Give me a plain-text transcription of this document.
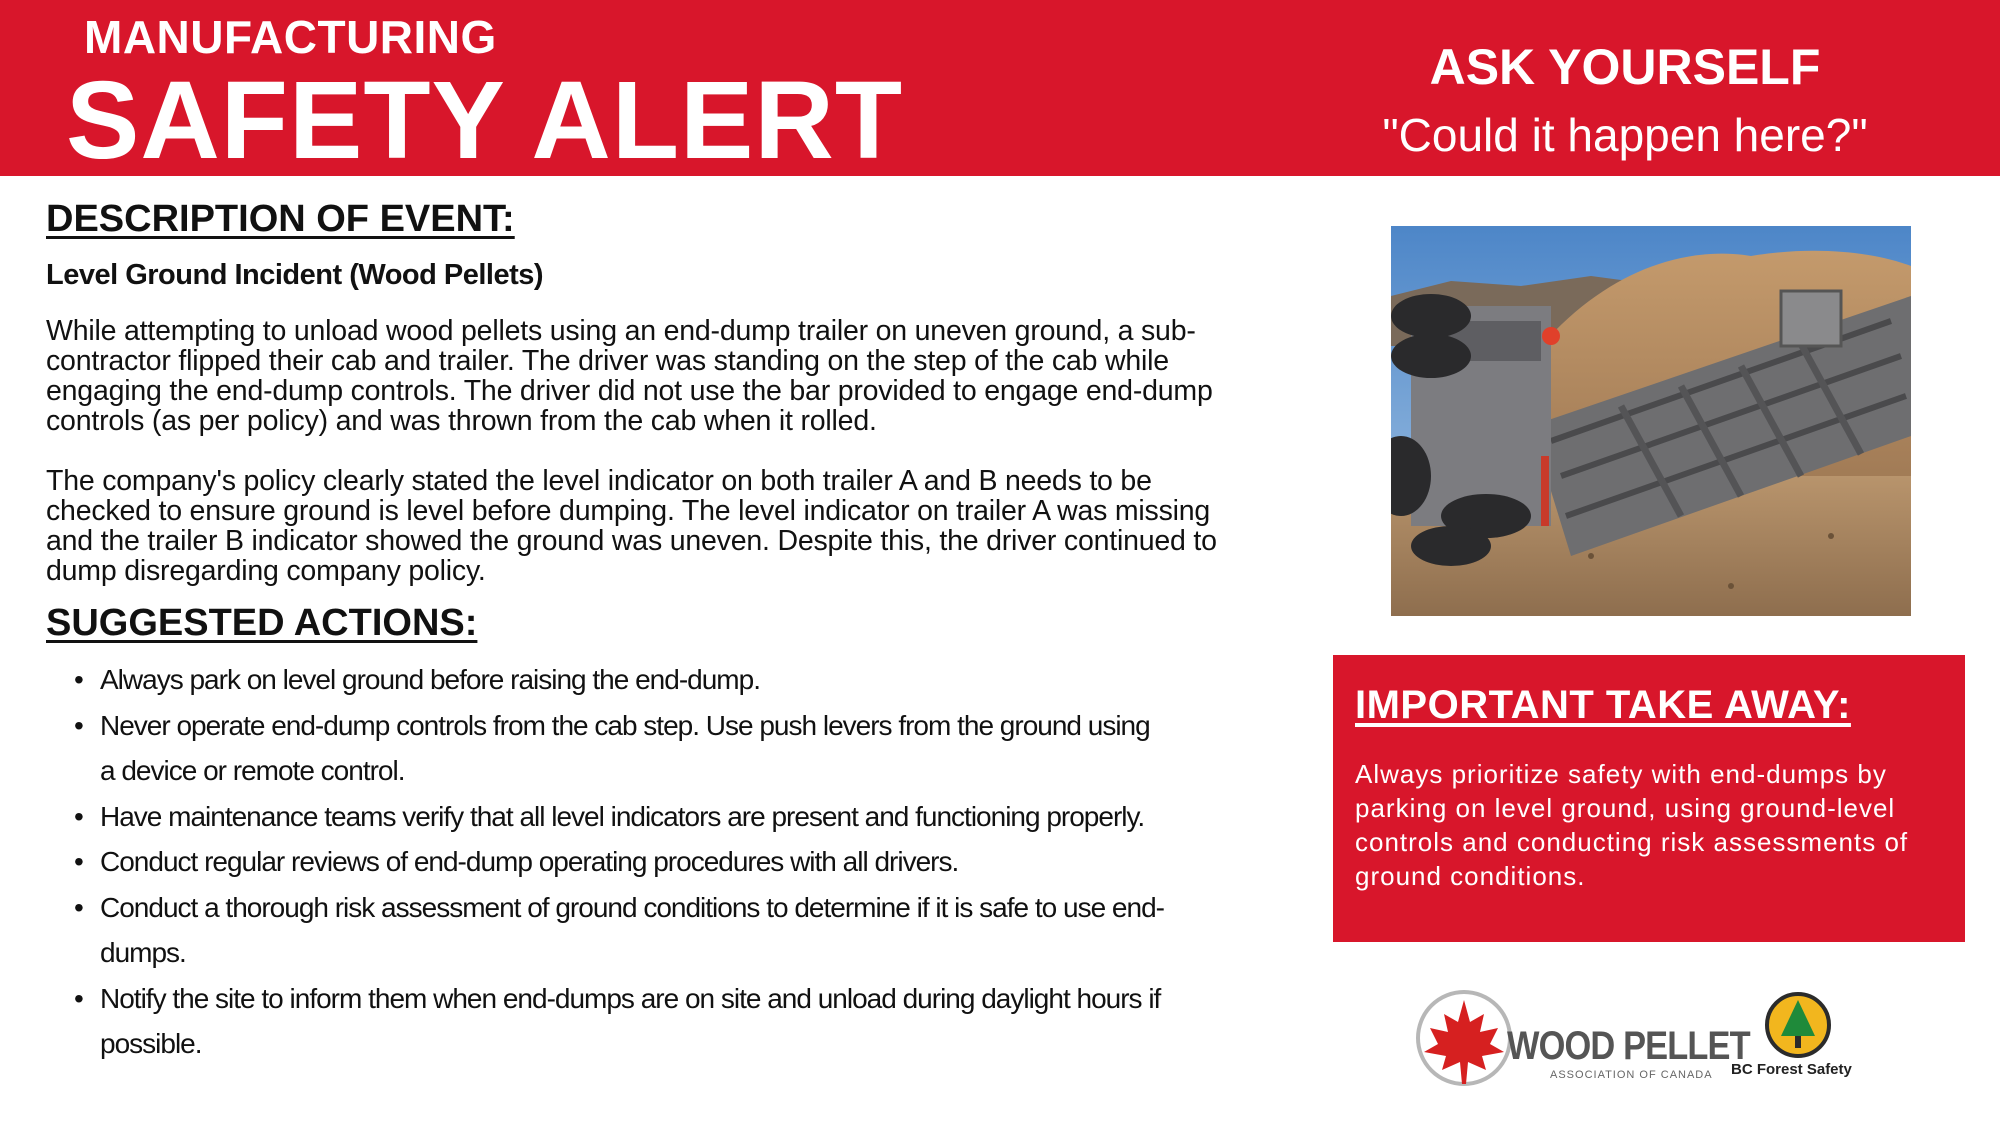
MANUFACTURING
SAFETY ALERT	ASK YOURSELF
"Could it happen here?"
DESCRIPTION OF EVENT:
Level Ground Incident (Wood Pellets)

While attempting to unload wood pellets using an end-dump trailer on uneven ground, a sub-contractor flipped their cab and trailer. The driver was standing on the step of the cab while engaging the end-dump controls. The driver did not use the bar provided to engage end-dump controls (as per policy) and was thrown from the cab when it rolled.

The company's policy clearly stated the level indicator on both trailer A and B needs to be checked to ensure ground is level before dumping. The level indicator on trailer A was missing and the trailer B indicator showed the ground was uneven. Despite this, the driver continued to dump disregarding company policy.

SUGGESTED ACTIONS:
• Always park on level ground before raising the end-dump.
• Never operate end-dump controls from the cab step. Use push levers from the ground using a device or remote control.
• Have maintenance teams verify that all level indicators are present and functioning properly.
• Conduct regular reviews of end-dump operating procedures with all drivers.
• Conduct a thorough risk assessment of ground conditions to determine if it is safe to use end-dumps.
• Notify the site to inform them when end-dumps are on site and unload during daylight hours if possible.
IMPORTANT TAKE AWAY:

Always prioritize safety with end-dumps by parking on level ground, using ground-level controls and conducting risk assessments of ground conditions.

WOOD PELLET
ASSOCIATION OF CANADA BC Forest Safety
